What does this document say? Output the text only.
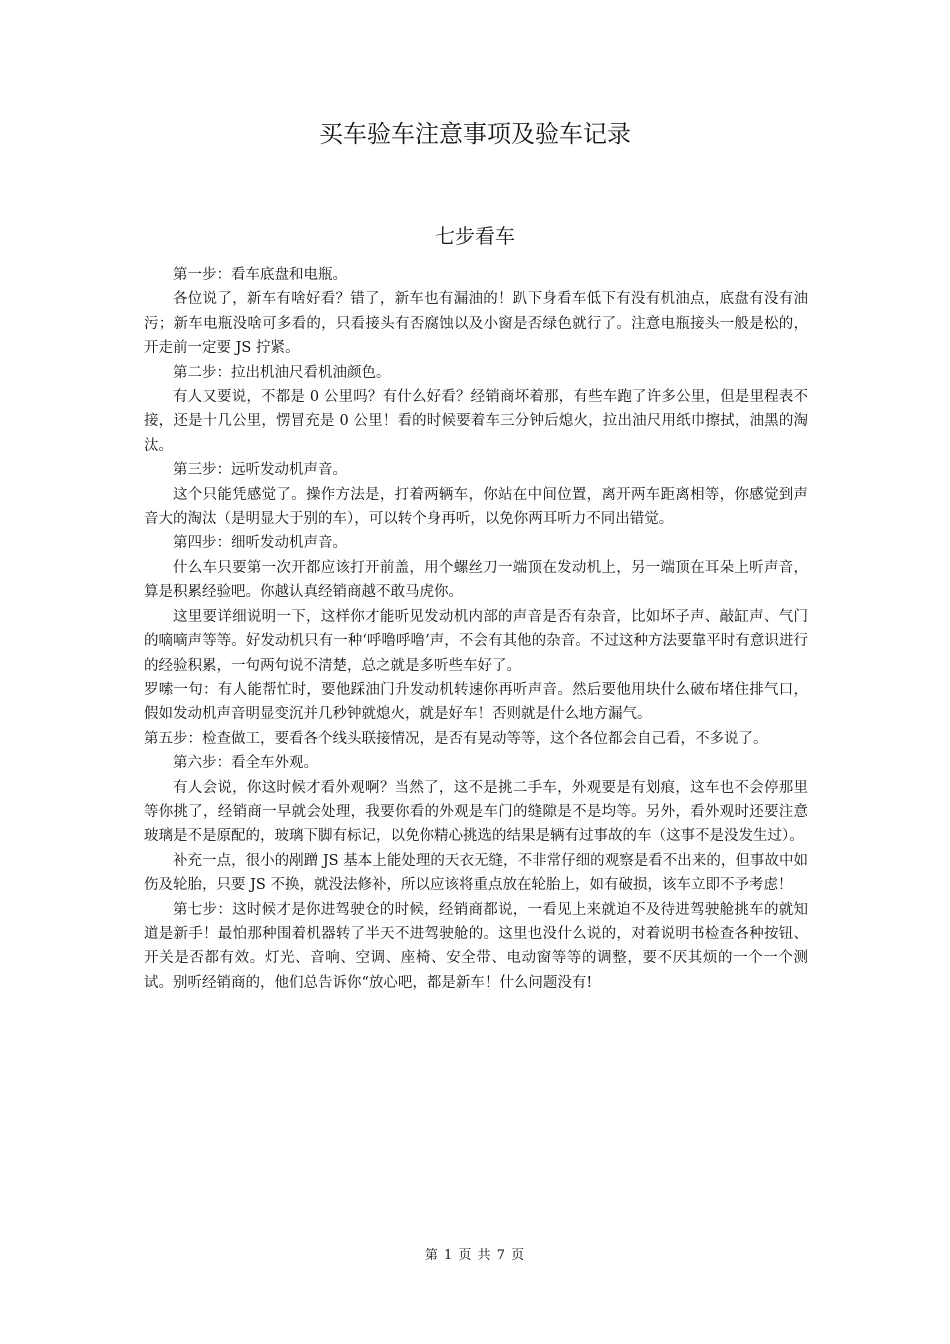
买车验车注意事项及验车记录
七步看车

第一步：看车底盘和电瓶。

各位说了，新车有啥好看？错了，新车也有漏油的！趴下身看车低下有没有机油点，底盘有没有油污；新车电瓶没啥可多看的，只看接头有否腐蚀以及小窗是否绿色就行了。注意电瓶接头一般是松的，开走前一定要 JS 拧紧。

第二步：拉出机油尺看机油颜色。

有人又要说，不都是 0 公里吗？有什么好看？经销商坏着那，有些车跑了许多公里，但是里程表不接，还是十几公里，愣冒充是 0 公里！看的时候要着车三分钟后熄火，拉出油尺用纸巾擦拭，油黑的淘汰。

第三步：远听发动机声音。

这个只能凭感觉了。操作方法是，打着两辆车，你站在中间位置，离开两车距离相等，你感觉到声音大的淘汰（是明显大于别的车），可以转个身再听，以免你两耳听力不同出错觉。

第四步：细听发动机声音。

什么车只要第一次开都应该打开前盖，用个螺丝刀一端顶在发动机上，另一端顶在耳朵上听声音，算是积累经验吧。你越认真经销商越不敢马虎你。

这里要详细说明一下，这样你才能听见发动机内部的声音是否有杂音，比如坏子声、敲缸声、气门的嘀嘀声等等。好发动机只有一种‘呼噜呼噜’声，不会有其他的杂音。不过这种方法要靠平时有意识进行的经验积累，一句两句说不清楚，总之就是多听些车好了。

罗嗦一句：有人能帮忙时，要他踩油门升发动机转速你再听声音。然后要他用块什么破布堵住排气口，假如发动机声音明显变沉并几秒钟就熄火，就是好车！否则就是什么地方漏气。

第五步：检查做工，要看各个线头联接情况，是否有晃动等等，这个各位都会自己看，不多说了。

第六步：看全车外观。

有人会说，你这时候才看外观啊？当然了，这不是挑二手车，外观要是有划痕，这车也不会停那里等你挑了，经销商一早就会处理，我要你看的外观是车门的缝隙是不是均等。另外，看外观时还要注意玻璃是不是原配的，玻璃下脚有标记，以免你精心挑选的结果是辆有过事故的车（这事不是没发生过）。

补充一点，很小的剐蹭 JS 基本上能处理的天衣无缝，不非常仔细的观察是看不出来的，但事故中如伤及轮胎，只要 JS 不换，就没法修补，所以应该将重点放在轮胎上，如有破损，该车立即不予考虑！

第七步：这时候才是你进驾驶仓的时候，经销商都说，一看见上来就迫不及待进驾驶舱挑车的就知道是新手！最怕那种围着机器转了半天不进驾驶舱的。这里也没什么说的，对着说明书检查各种按钮、开关是否都有效。灯光、音响、空调、座椅、安全带、电动窗等等的调整，要不厌其烦的一个一个测试。别听经销商的，他们总告诉你“放心吧，都是新车！什么问题没有!

第 1 页 共 7 页
